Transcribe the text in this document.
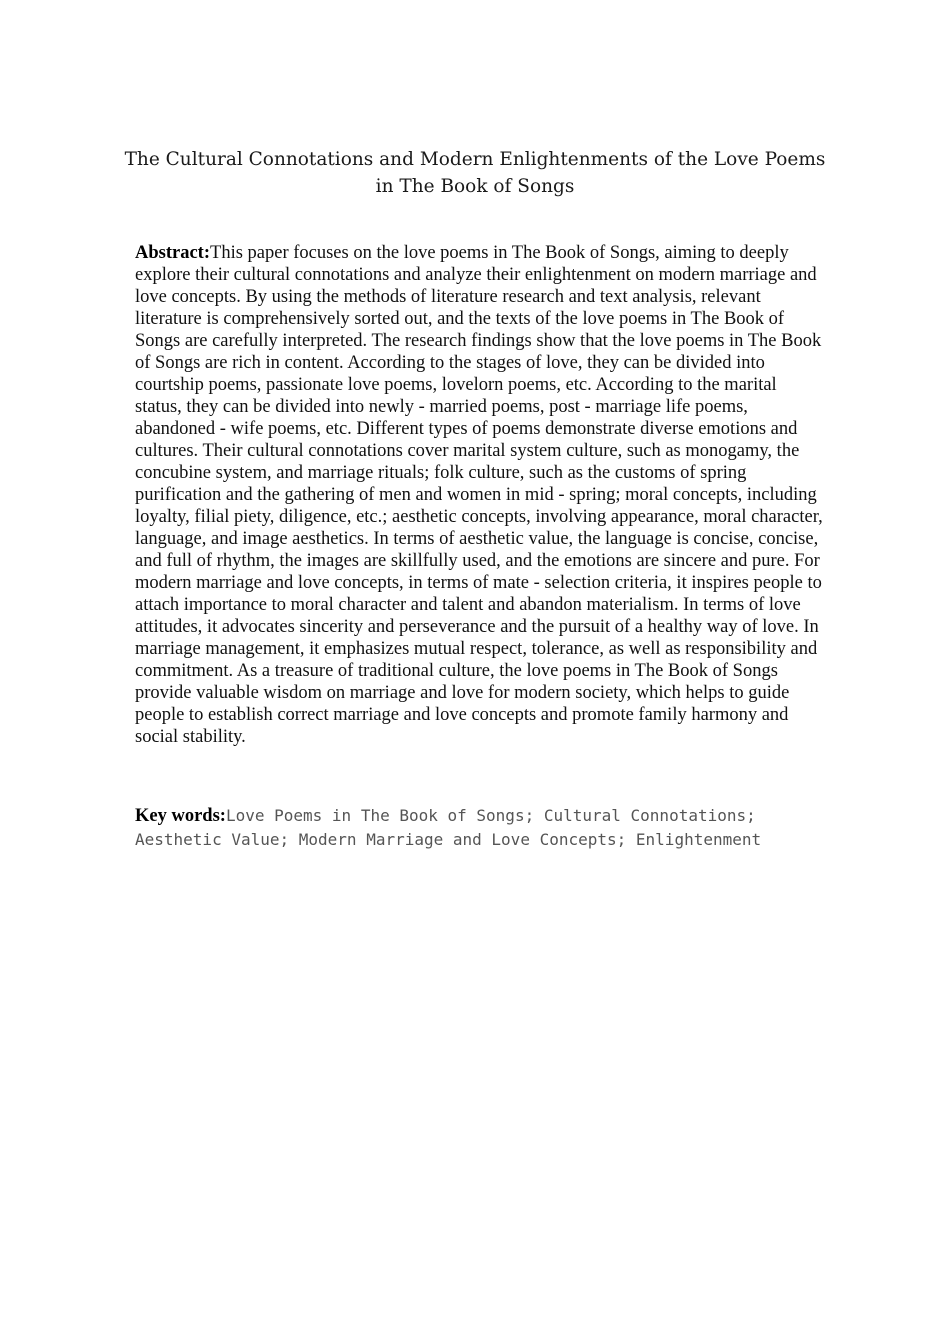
The Cultural Connotations and Modern Enlightenments of the Love Poems in The Book of Songs

Abstract:This paper focuses on the love poems in The Book of Songs, aiming to deeply explore their cultural connotations and analyze their enlightenment on modern marriage and love concepts. By using the methods of literature research and text analysis, relevant literature is comprehensively sorted out, and the texts of the love poems in The Book of Songs are carefully interpreted. The research findings show that the love poems in The Book of Songs are rich in content. According to the stages of love, they can be divided into courtship poems, passionate love poems, lovelorn poems, etc. According to the marital status, they can be divided into newly - married poems, post - marriage life poems, abandoned - wife poems, etc. Different types of poems demonstrate diverse emotions and cultures. Their cultural connotations cover marital system culture, such as monogamy, the concubine system, and marriage rituals; folk culture, such as the customs of spring purification and the gathering of men and women in mid - spring; moral concepts, including loyalty, filial piety, diligence, etc.; aesthetic concepts, involving appearance, moral character, language, and image aesthetics. In terms of aesthetic value, the language is concise, concise, and full of rhythm, the images are skillfully used, and the emotions are sincere and pure. For modern marriage and love concepts, in terms of mate - selection criteria, it inspires people to attach importance to moral character and talent and abandon materialism. In terms of love attitudes, it advocates sincerity and perseverance and the pursuit of a healthy way of love. In marriage management, it emphasizes mutual respect, tolerance, as well as responsibility and commitment. As a treasure of traditional culture, the love poems in The Book of Songs provide valuable wisdom on marriage and love for modern society, which helps to guide people to establish correct marriage and love concepts and promote family harmony and social stability.

Key words:Love Poems in The Book of Songs; Cultural Connotations; Aesthetic Value; Modern Marriage and Love Concepts; Enlightenment
